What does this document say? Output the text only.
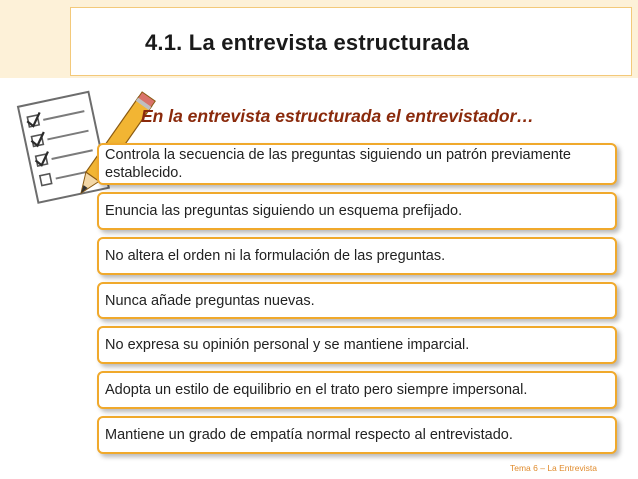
4.1. La entrevista estructurada
En la entrevista estructurada el entrevistador…
Controla la secuencia de las preguntas siguiendo un patrón previamente establecido.
Enuncia las preguntas siguiendo un esquema prefijado.
No altera el orden ni la formulación de las preguntas.
Nunca añade preguntas nuevas.
No expresa su opinión personal y se mantiene imparcial.
Adopta un estilo de equilibrio en el trato pero siempre impersonal.
Mantiene un grado de empatía normal respecto al entrevistado.
Tema 6 – La Entrevista
